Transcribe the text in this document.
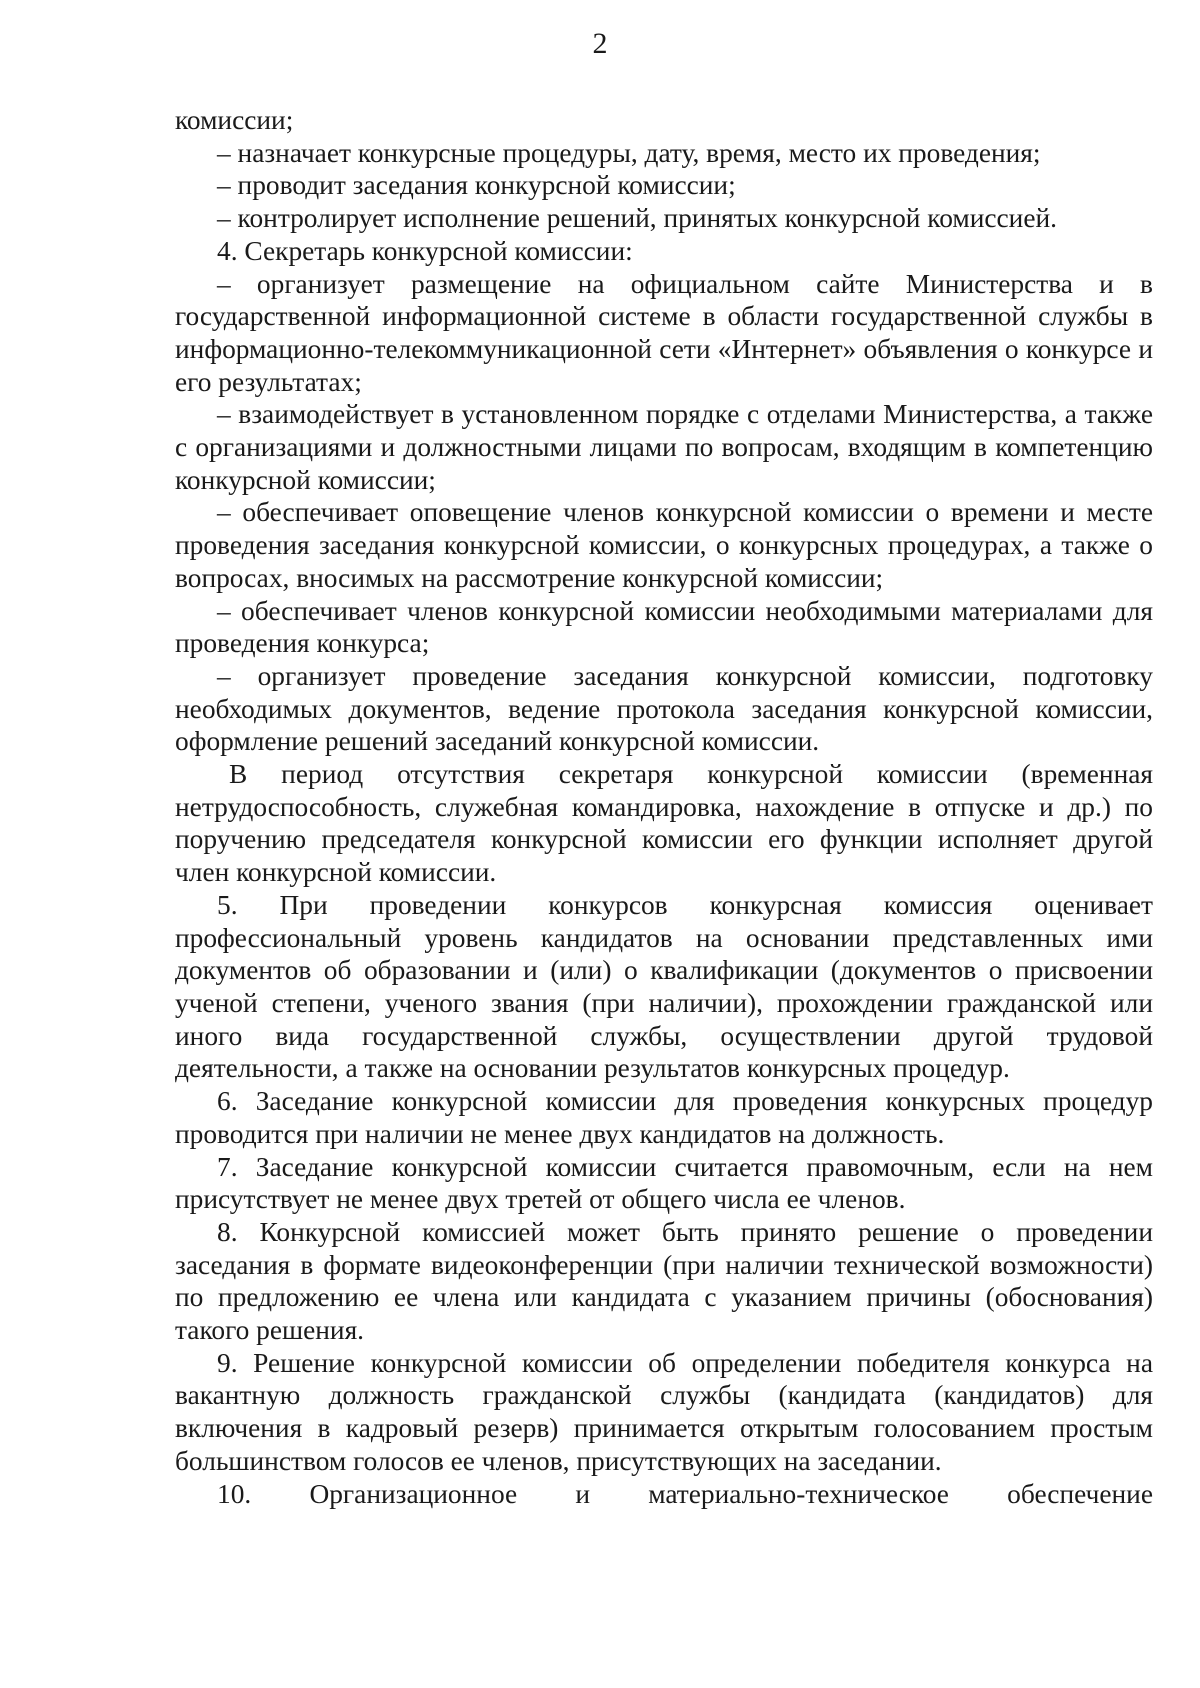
2

комиссии;

– назначает конкурсные процедуры, дату, время, место их проведения;

– проводит заседания конкурсной комиссии;

– контролирует исполнение решений, принятых конкурсной комиссией.

4. Секретарь конкурсной комиссии:

– организует размещение на официальном сайте Министерства и в государственной информационной системе в области государственной службы в информационно-телекоммуникационной сети «Интернет» объявления о конкурсе и его результатах;

– взаимодействует в установленном порядке с отделами Министерства, а также с организациями и должностными лицами по вопросам, входящим в компетенцию конкурсной комиссии;

– обеспечивает оповещение членов конкурсной комиссии о времени и месте проведения заседания конкурсной комиссии, о конкурсных процедурах, а также о вопросах, вносимых на рассмотрение конкурсной комиссии;

– обеспечивает членов конкурсной комиссии необходимыми материалами для проведения конкурса;

– организует проведение заседания конкурсной комиссии, подготовку необходимых документов, ведение протокола заседания конкурсной комиссии, оформление решений заседаний конкурсной комиссии.

В период отсутствия секретаря конкурсной комиссии (временная нетрудоспособность, служебная командировка, нахождение в отпуске и др.) по поручению председателя конкурсной комиссии его функции исполняет другой член конкурсной комиссии.

5. При проведении конкурсов конкурсная комиссия оценивает профессиональный уровень кандидатов на основании представленных ими документов об образовании и (или) о квалификации (документов о присвоении ученой степени, ученого звания (при наличии), прохождении гражданской или иного вида государственной службы, осуществлении другой трудовой деятельности, а также на основании результатов конкурсных процедур.

6. Заседание конкурсной комиссии для проведения конкурсных процедур проводится при наличии не менее двух кандидатов на должность.

7. Заседание конкурсной комиссии считается правомочным, если на нем присутствует не менее двух третей от общего числа ее членов.

8. Конкурсной комиссией может быть принято решение о проведении заседания в формате видеоконференции (при наличии технической возможности) по предложению ее члена или кандидата с указанием причины (обоснования) такого решения.

9. Решение конкурсной комиссии об определении победителя конкурса на вакантную должность гражданской службы (кандидата (кандидатов) для включения в кадровый резерв) принимается открытым голосованием простым большинством голосов ее членов, присутствующих на заседании.

10. Организационное и материально-техническое обеспечение
